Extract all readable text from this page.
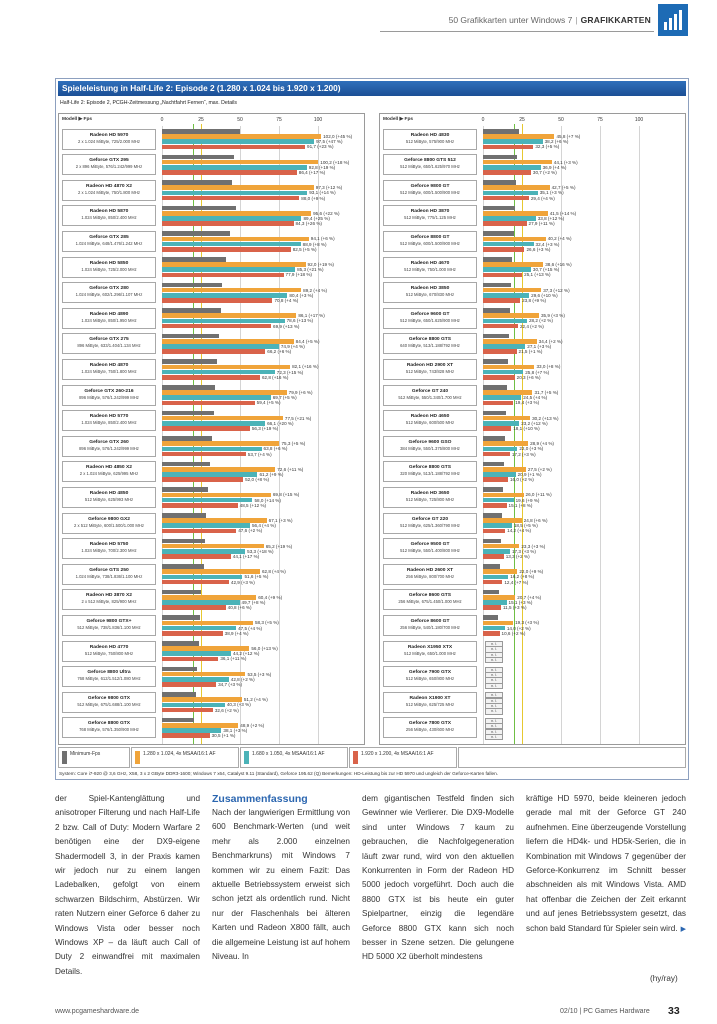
50 Grafikkarten unter Windows 7 | GRAFIKKARTEN
Spieleleistung in Half-Life 2: Episode 2 (1.280 x 1.024 bis 1.920 x 1.200)
Half-Life 2: Episode 2, PCGH-Zeitmessung „Nachtfahrt Fernen“, max. Details
Modell ▶ Fps	0	25	50	75	100
Radeon HD 5970
2 x 1.024 MiByte, 725/2.000 MHz
102,0 (+45 %)
97,5 (+47 %)
91,7 (+23 %)
Geforce GTX 295
2 x 896 MiByte, 576/1.242/999 MHz
100,2 (+18 %)
92,8 (+19 %)
86,4 (+17 %)
Radeon HD 4870 X2
2 x 1.024 MiByte, 750/1.800 MHz
97,3 (+12 %)
93,1 (+14 %)
88,0 (+9 %)
Radeon HD 5870
1.024 MiByte, 850/2.400 MHz
95,6 (+22 %)
89,4 (+25 %)
84,3 (+26 %)
Geforce GTX 285
1.024 MiByte, 648/1.476/1.242 MHz
94,1 (+6 %)
88,9 (+8 %)
82,5 (+5 %)
Radeon HD 5850
1.024 MiByte, 725/2.000 MHz
92,0 (+19 %)
85,3 (+21 %)
77,9 (+18 %)
Geforce GTX 280
1.024 MiByte, 602/1.296/1.107 MHz
89,2 (+4 %)
80,4 (+3 %)
70,8 (+4 %)
Radeon HD 4890
1.024 MiByte, 850/1.950 MHz
86,1 (+17 %)
78,6 (+13 %)
69,9 (+13 %)
Geforce GTX 275
896 MiByte, 633/1.404/1.134 MHz
84,4 (+5 %)
74,9 (+4 %)
66,2 (+6 %)
Radeon HD 4870
1.024 MiByte, 750/1.800 MHz
82,1 (+16 %)
72,3 (+15 %)
62,8 (+16 %)
Geforce GTX 260-216
896 MiByte, 576/1.242/999 MHz
79,9 (+6 %)
69,7 (+5 %)
59,4 (+5 %)
Radeon HD 5770
1.024 MiByte, 850/2.400 MHz
77,5 (+21 %)
66,1 (+20 %)
56,3 (+19 %)
Geforce GTX 260
896 MiByte, 576/1.242/999 MHz
75,3 (+5 %)
63,8 (+6 %)
53,7 (+4 %)
Radeon HD 4850 X2
2 x 1.024 MiByte, 625/995 MHz
72,6 (+11 %)
61,2 (+9 %)
52,0 (+8 %)
Radeon HD 4850
512 MiByte, 625/993 MHz
69,8 (+15 %)
58,0 (+14 %)
48,5 (+12 %)
Geforce 9800 GX2
2 x 512 MiByte, 600/1.500/1.000 MHz
67,1 (+3 %)
56,4 (+4 %)
47,6 (+2 %)
Radeon HD 5750
1.024 MiByte, 700/2.300 MHz
65,2 (+19 %)
53,3 (+18 %)
44,1 (+17 %)
Geforce GTS 250
1.024 MiByte, 738/1.836/1.100 MHz
62,8 (+4 %)
51,6 (+5 %)
42,9 (+3 %)
Radeon HD 3870 X2
2 x 512 MiByte, 825/900 MHz
60,4 (+9 %)
49,7 (+8 %)
40,8 (+6 %)
Geforce 9800 GTX+
512 MiByte, 738/1.836/1.100 MHz
58,3 (+5 %)
47,5 (+4 %)
38,9 (+4 %)
Radeon HD 4770
512 MiByte, 750/800 MHz
56,0 (+13 %)
44,2 (+12 %)
36,1 (+11 %)
Geforce 8800 Ultra
768 MiByte, 612/1.512/1.080 MHz
53,5 (+3 %)
42,8 (+2 %)
34,7 (+3 %)
Geforce 9800 GTX
512 MiByte, 675/1.688/1.100 MHz
51,2 (+4 %)
40,3 (+3 %)
32,6 (+2 %)
Geforce 8800 GTX
768 MiByte, 576/1.350/900 MHz
48,9 (+2 %)
38,1 (+3 %)
30,5 (+1 %)
Modell ▶ Fps	0	25	50	75	100
Radeon HD 4830
512 MiByte, 575/900 MHz
45,8 (+7 %)
38,2 (+6 %)
32,3 (+5 %)
Geforce 8800 GTS 512
512 MiByte, 650/1.625/970 MHz
44,1 (+3 %)
36,9 (+4 %)
30,7 (+2 %)
Geforce 9800 GT
512 MiByte, 600/1.500/900 MHz
42,7 (+5 %)
35,1 (+3 %)
29,4 (+4 %)
Radeon HD 3870
512 MiByte, 775/1.125 MHz
41,5 (+14 %)
33,8 (+12 %)
27,9 (+11 %)
Geforce 8800 GT
512 MiByte, 600/1.500/900 MHz
40,2 (+4 %)
32,4 (+3 %)
26,6 (+3 %)
Radeon HD 4670
512 MiByte, 750/1.000 MHz
38,6 (+16 %)
30,7 (+15 %)
25,1 (+13 %)
Radeon HD 3850
512 MiByte, 670/830 MHz
37,3 (+12 %)
29,6 (+10 %)
23,8 (+9 %)
Geforce 9600 GT
512 MiByte, 650/1.625/900 MHz
35,9 (+3 %)
28,2 (+2 %)
22,4 (+2 %)
Geforce 8800 GTS
640 MiByte, 513/1.188/792 MHz
34,4 (+2 %)
27,1 (+3 %)
21,5 (+1 %)
Radeon HD 2900 XT
512 MiByte, 743/828 MHz
33,0 (+8 %)
25,8 (+7 %)
20,3 (+6 %)
Geforce GT 240
512 MiByte, 550/1.340/1.700 MHz
31,7 (+5 %)
24,5 (+4 %)
19,4 (+3 %)
Radeon HD 4650
512 MiByte, 600/500 MHz
30,2 (+13 %)
23,2 (+12 %)
18,1 (+10 %)
Geforce 9600 GSO
384 MiByte, 550/1.375/800 MHz
28,9 (+4 %)
22,0 (+3 %)
17,2 (+3 %)
Geforce 8800 GTS
320 MiByte, 513/1.188/792 MHz
27,5 (+2 %)
20,9 (+1 %)
16,0 (+2 %)
Radeon HD 3650
512 MiByte, 725/800 MHz
26,0 (+11 %)
19,6 (+9 %)
15,1 (+8 %)
Geforce GT 220
512 MiByte, 625/1.360/790 MHz
24,8 (+6 %)
18,5 (+5 %)
14,2 (+4 %)
Geforce 9500 GT
512 MiByte, 550/1.400/800 MHz
23,3 (+3 %)
17,3 (+3 %)
13,3 (+2 %)
Radeon HD 2600 XT
256 MiByte, 800/700 MHz
22,0 (+9 %)
16,2 (+8 %)
12,4 (+7 %)
Geforce 8600 GTS
256 MiByte, 675/1.450/1.000 MHz
20,7 (+4 %)
15,1 (+3 %)
11,5 (+3 %)
Geforce 8600 GT
256 MiByte, 540/1.180/700 MHz
19,3 (+3 %)
14,0 (+2 %)
10,6 (+2 %)
Radeon X1950 XTX
512 MiByte, 650/1.000 MHz
n. l.
n. l.
n. l.
n. l.
Geforce 7900 GTX
512 MiByte, 650/800 MHz
n. l.
n. l.
n. l.
n. l.
Radeon X1900 XT
512 MiByte, 625/725 MHz
n. l.
n. l.
n. l.
n. l.
Geforce 7800 GTX
256 MiByte, 430/600 MHz
n. l.
n. l.
n. l.
n. l.
Minimum-Fps	1.280 x 1.024, 4x MSAA/16:1 AF	1.680 x 1.050, 4x MSAA/16:1 AF	1.920 x 1.200, 4x MSAA/16:1 AF
System: Core i7-920 @ 3,6 GHz, X58, 3 x 2 GByte DDR3-1600; Windows 7 x64, Catalyst 9.11 (Standard), Geforce 195.62 (Q) Bemerkungen: HD-Leistung bis zur HD 5970 und ungleich der Geforce-Karten fallen.
der Spiel-Kantenglättung und anisotroper Filterung und nach Half-Life 2 bzw. Call of Duty: Modern Warfare 2 benötigen eine der DX9-eigene Shadermodell 3, in der Praxis kamen wir jedoch nur zu einem langen Ladebalken, gefolgt von einem schwarzen Bildschirm, Abstürzen. Wir raten Nutzern einer Geforce 6 daher zu Windows Vista oder besser noch Windows XP – da läuft auch Call of Duty 2 einwandfrei mit maximalen Details.
Zusammenfassung
Nach der langwierigen Ermittlung von 600 Benchmark-Werten (und weit mehr als 2.000 einzelnen Benchmarkruns) mit Windows 7 kommen wir zu einem Fazit: Das aktuelle Betriebssystem erweist sich schon jetzt als ordentlich rund. Nicht nur der Flaschenhals bei älteren Karten und Radeon X800 fällt, auch die allgemeine Leistung ist auf hohem Niveau. In
dem gigantischen Testfeld finden sich Gewinner wie Verlierer. Die DX9-Modelle sind unter Windows 7 kaum zu gebrauchen, die Nachfolgegeneration läuft zwar rund, wird von den aktuellen Konkurrenten in Form der Radeon HD 5000 jedoch vorgeführt. Doch auch die 8800 GTX ist bis heute ein guter Spielpartner, einzig die legendäre Geforce 8800 GTX kann sich noch besser in Szene setzen. Die gelungene HD 5000 X2 überholt mindestens
kräftige HD 5970, beide kleineren jedoch gerade mal mit der Geforce GT 240 aufnehmen. Eine überzeugende Vorstellung liefern die HD4k- und HD5k-Serien, die in Kombination mit Windows 7 gegenüber der Geforce-Konkurrenz im Schnitt besser abschneiden als mit Windows Vista. AMD hat offenbar die Zeichen der Zeit erkannt und auf jenes Betriebssystem gesetzt, das schon bald Standard für Spieler sein wird. ▶
(hy/ray)
www.pcgameshardware.de	02/10 | PC Games Hardware 33
